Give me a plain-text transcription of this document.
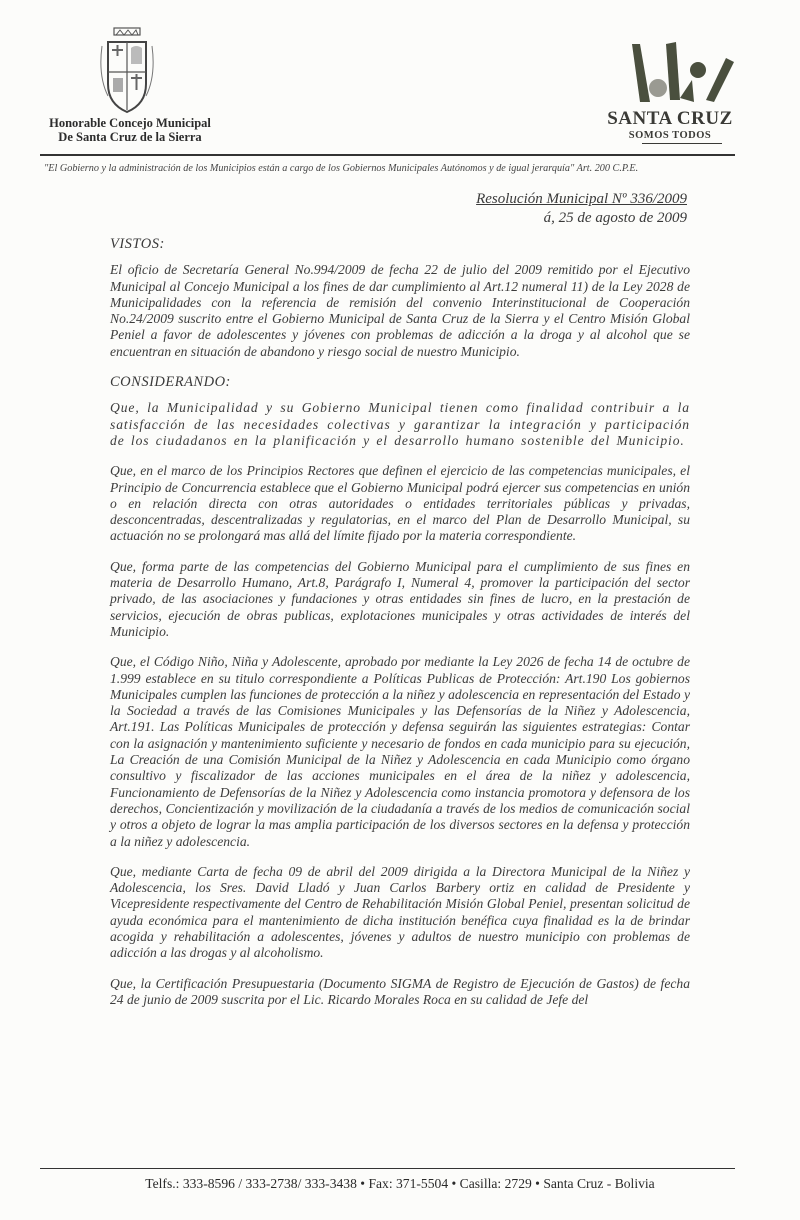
Honorable Concejo Municipal
De Santa Cruz de la Sierra
SANTA CRUZ
SOMOS TODOS
"El Gobierno y la administración de los Municipios están a cargo de los Gobiernos Municipales Autónomos y de igual jerarquía" Art. 200 C.P.E.
Resolución Municipal Nº 336/2009
á, 25 de agosto de 2009
VISTOS:

El oficio de Secretaría General No.994/2009 de fecha 22 de julio del 2009 remitido por el Ejecutivo Municipal al Concejo Municipal a los fines de dar cumplimiento al Art.12 numeral 11) de la Ley 2028 de Municipalidades con la referencia de remisión del convenio Interinstitucional de Cooperación No.24/2009 suscrito entre el Gobierno Municipal de Santa Cruz de la Sierra y el Centro Misión Global Peniel a favor de adolescentes y jóvenes con problemas de adicción a la droga y al alcohol que se encuentran en situación de abandono y riesgo social de nuestro Municipio.

CONSIDERANDO:

Que, la Municipalidad y su Gobierno Municipal tienen como finalidad contribuir a la satisfacción de las necesidades colectivas y garantizar la integración y participación de los ciudadanos en la planificación y el desarrollo humano sostenible del Municipio.

Que, en el marco de los Principios Rectores que definen el ejercicio de las competencias municipales, el Principio de Concurrencia establece que el Gobierno Municipal podrá ejercer sus competencias en unión o en relación directa con otras autoridades o entidades territoriales públicas y privadas, desconcentradas, descentralizadas y regulatorias, en el marco del Plan de Desarrollo Municipal, su actuación no se prolongará mas allá del límite fijado por la materia correspondiente.

Que, forma parte de las competencias del Gobierno Municipal para el cumplimiento de sus fines en materia de Desarrollo Humano, Art.8, Parágrafo I, Numeral 4, promover la participación del sector privado, de las asociaciones y fundaciones y otras entidades sin fines de lucro, en la prestación de servicios, ejecución de obras publicas, explotaciones municipales y otras actividades de interés del Municipio.

Que, el Código Niño, Niña y Adolescente, aprobado por mediante la Ley 2026 de fecha 14 de octubre de 1.999 establece en su titulo correspondiente a Políticas Publicas de Protección: Art.190 Los gobiernos Municipales cumplen las funciones de protección a la niñez y adolescencia en representación del Estado y la Sociedad a través de las Comisiones Municipales y las Defensorías de la Niñez y Adolescencia, Art.191. Las Políticas Municipales de protección y defensa seguirán las siguientes estrategias: Contar con la asignación y mantenimiento suficiente y necesario de fondos en cada municipio para su ejecución, La Creación de una Comisión Municipal de la Niñez y Adolescencia en cada Municipio como órgano consultivo y fiscalizador de las acciones municipales en el área de la niñez y adolescencia, Funcionamiento de Defensorías de la Niñez y Adolescencia como instancia promotora y defensora de los derechos, Concientización y movilización de la ciudadanía a través de los medios de comunicación social y otros a objeto de lograr la mas amplia participación de los diversos sectores en la defensa y protección a la niñez y adolescencia.

Que, mediante Carta de fecha 09 de abril del 2009 dirigida a la Directora Municipal de la Niñez y Adolescencia, los Sres. David Lladó y Juan Carlos Barbery ortiz en calidad de Presidente y Vicepresidente respectivamente del Centro de Rehabilitación Misión Global Peniel, presentan solicitud de ayuda económica para el mantenimiento de dicha institución benéfica cuya finalidad es la de brindar acogida y rehabilitación a adolescentes, jóvenes y adultos de nuestro municipio con problemas de adicción a las drogas y al alcoholismo.

Que, la Certificación Presupuestaria (Documento SIGMA de Registro de Ejecución de Gastos) de fecha 24 de junio de 2009 suscrita por el Lic. Ricardo Morales Roca en su calidad de Jefe del

Telfs.: 333-8596 / 333-2738/ 333-3438 • Fax: 371-5504 • Casilla: 2729 • Santa Cruz - Bolivia
